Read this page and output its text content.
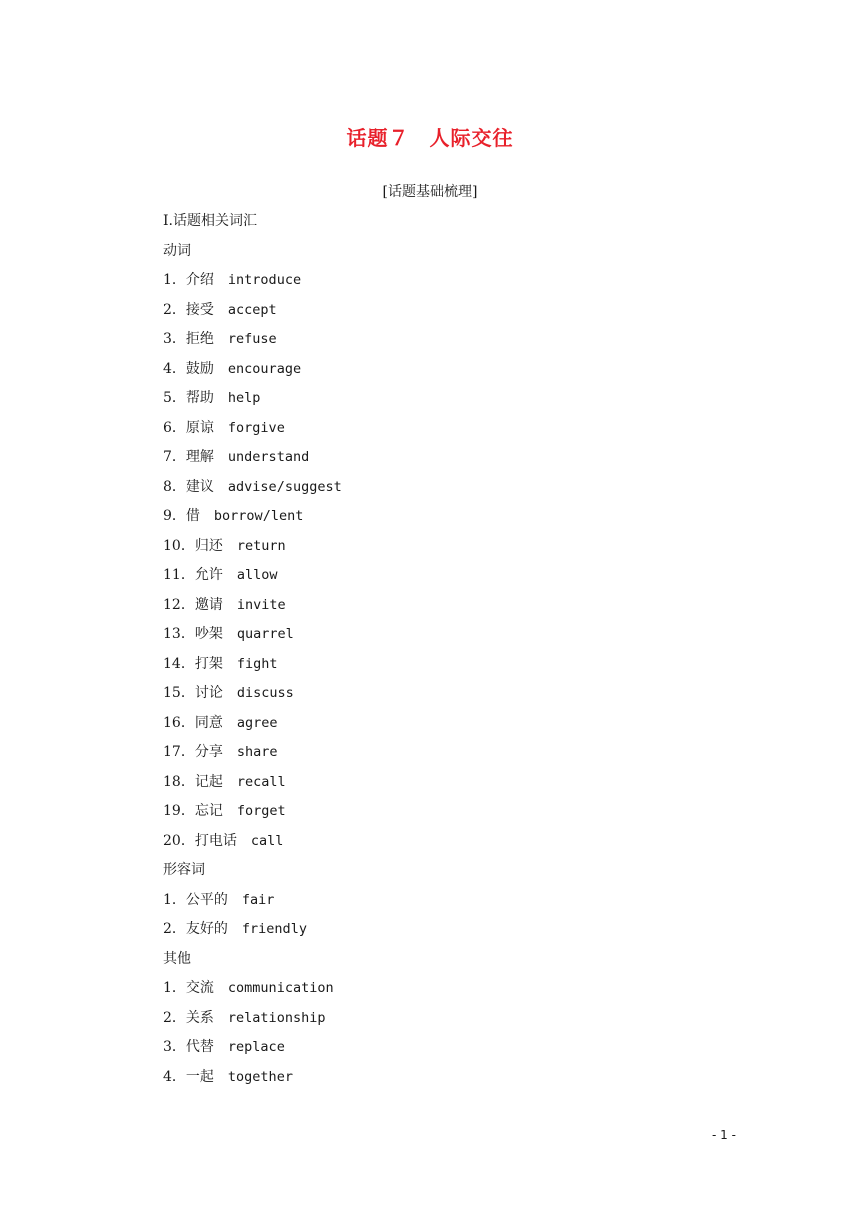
话题７ 人际交往
[话题基础梳理]
Ⅰ.话题相关词汇
动词
1．介绍 introduce
2．接受 accept
3．拒绝 refuse
4．鼓励 encourage
5．帮助 help
6．原谅 forgive
7．理解 understand
8．建议 advise/suggest
9．借 borrow/lent
10．归还 return
11．允许 allow
12．邀请 invite
13．吵架 quarrel
14．打架 fight
15．讨论 discuss
16．同意 agree
17．分享 share
18．记起 recall
19．忘记 forget
20．打电话 call
形容词
1．公平的 fair
2．友好的 friendly
其他
1．交流 communication
2．关系 relationship
3．代替 replace
4．一起 together
- 1 -
